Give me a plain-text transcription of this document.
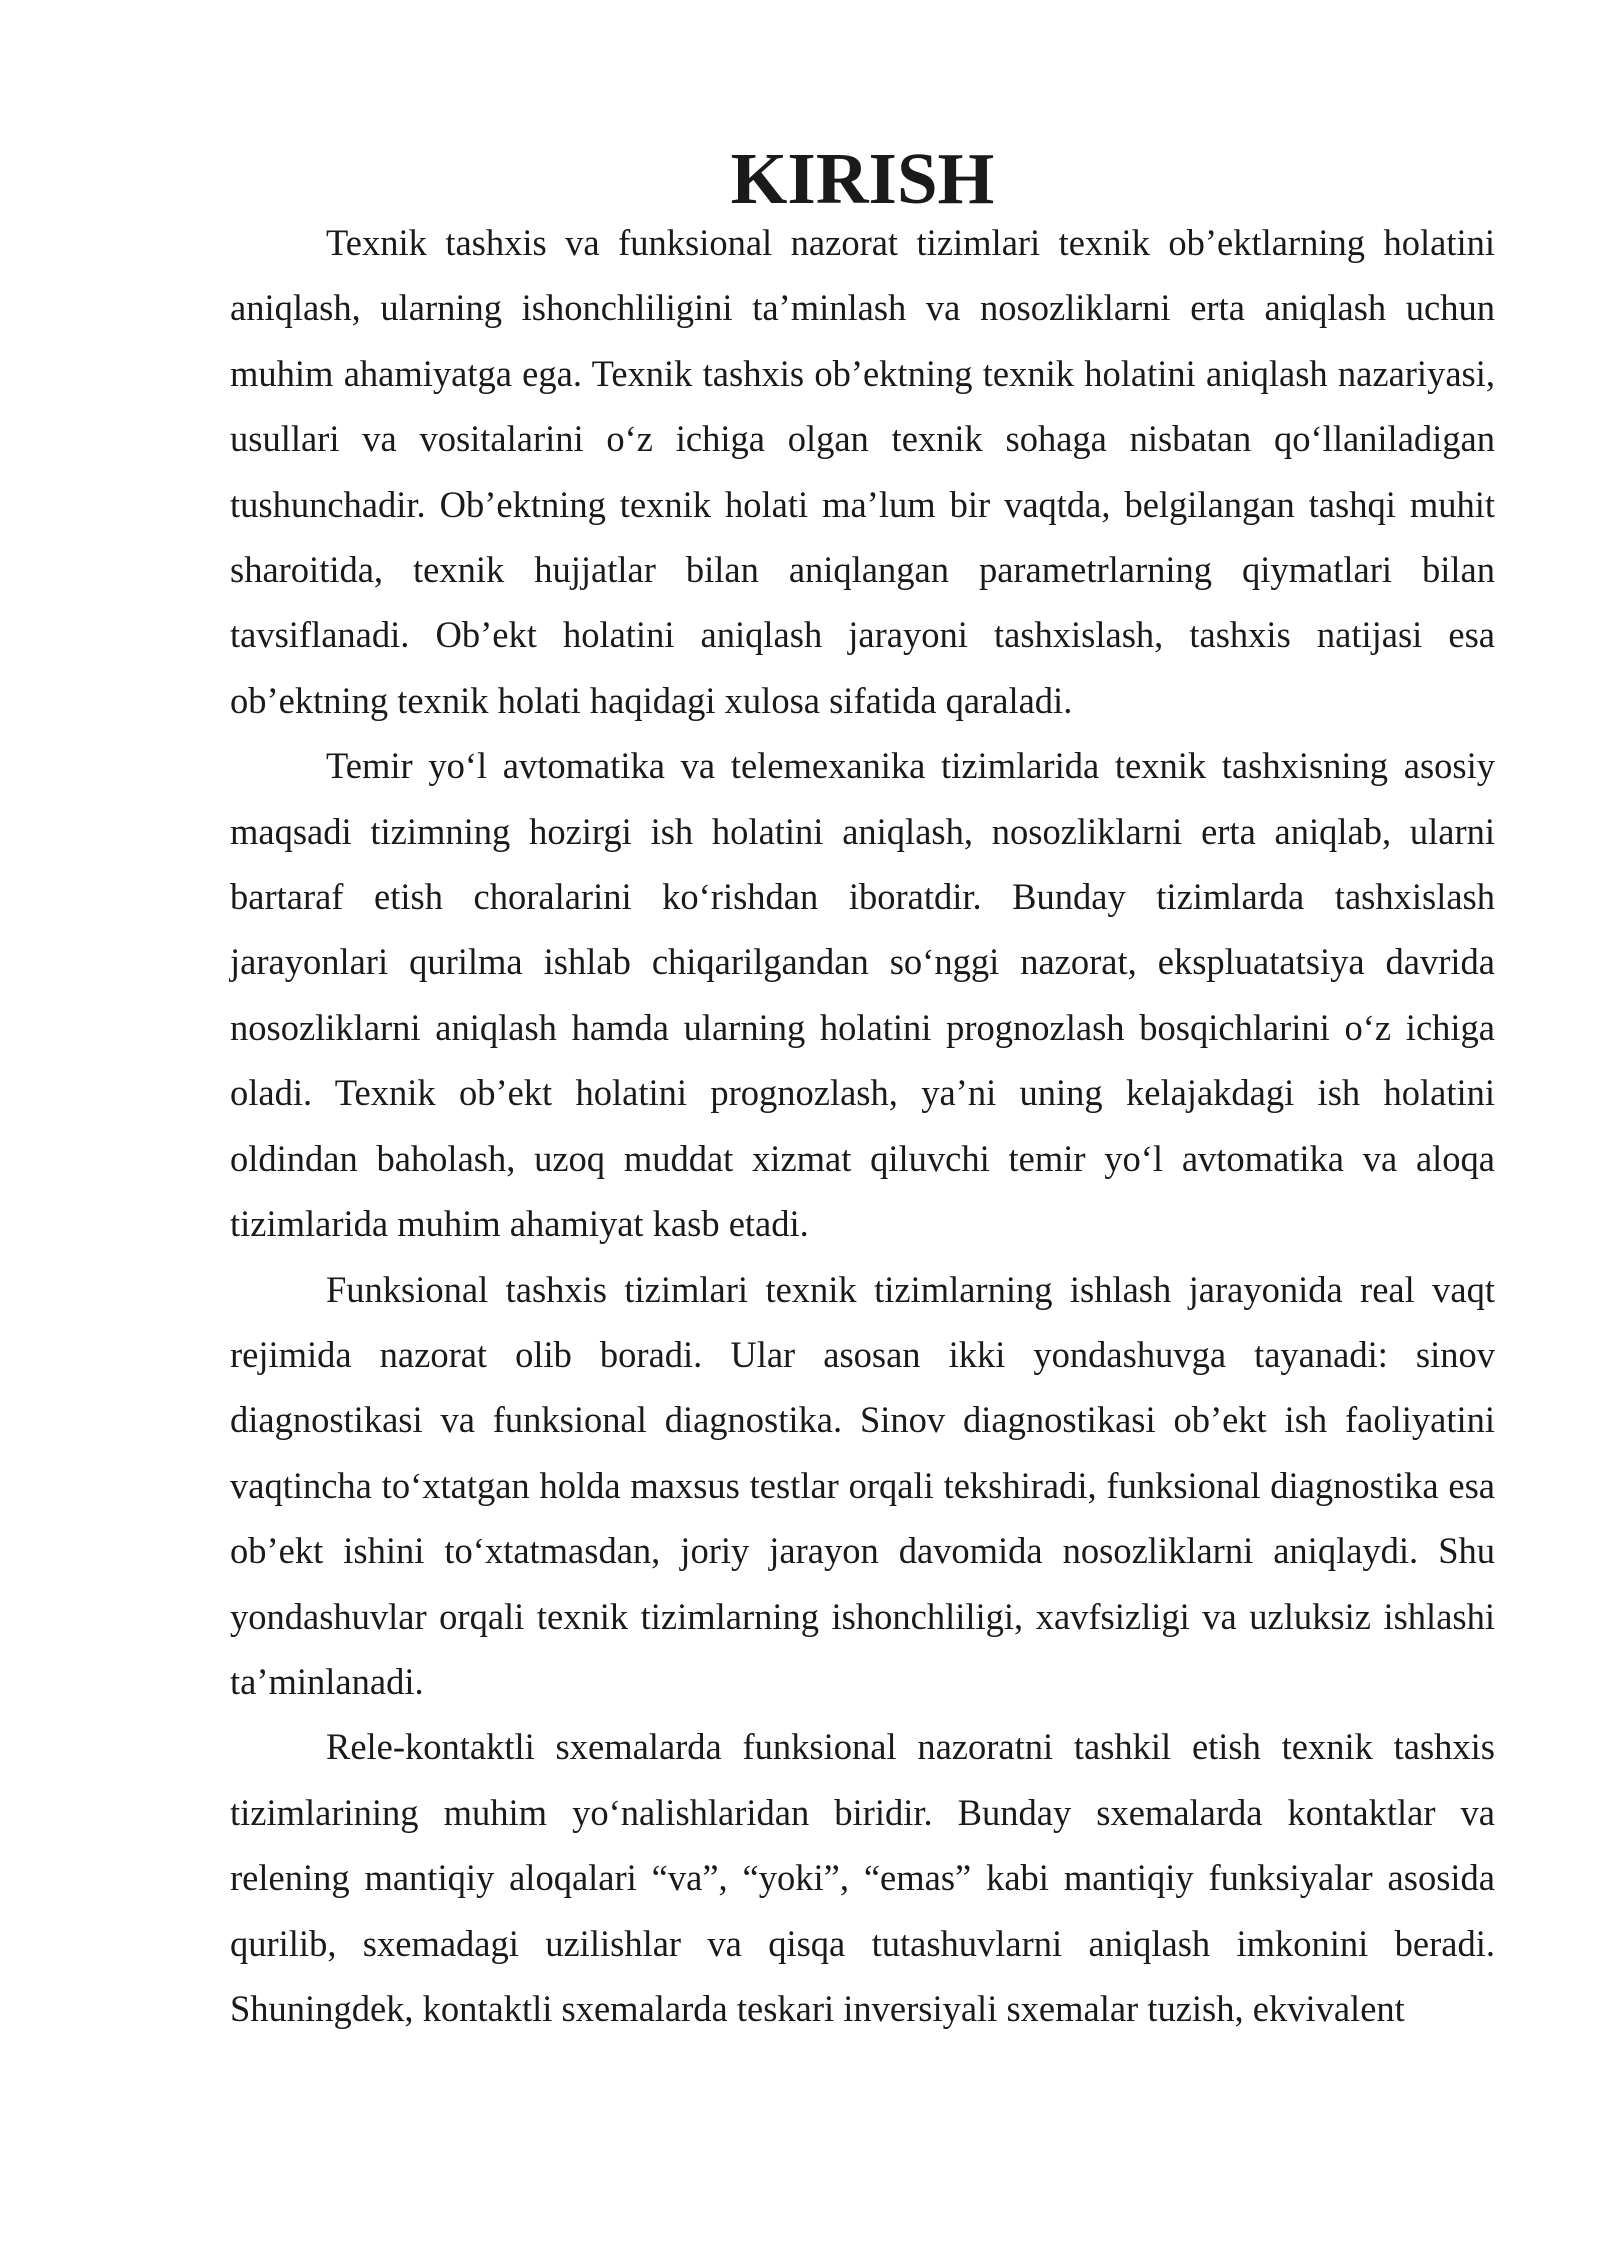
KIRISH

Texnik tashxis va funksional nazorat tizimlari texnik ob’ektlarning holatini aniqlash, ularning ishonchliligini ta’minlash va nosozliklarni erta aniqlash uchun muhim ahamiyatga ega. Texnik tashxis ob’ektning texnik holatini aniqlash nazariyasi, usullari va vositalarini o‘z ichiga olgan texnik sohaga nisbatan qo‘llaniladigan tushunchadir. Ob’ektning texnik holati ma’lum bir vaqtda, belgilangan tashqi muhit sharoitida, texnik hujjatlar bilan aniqlangan parametrlarning qiymatlari bilan tavsiflanadi. Ob’ekt holatini aniqlash jarayoni tashxislash, tashxis natijasi esa ob’ektning texnik holati haqidagi xulosa sifatida qaraladi.

Temir yo‘l avtomatika va telemexanika tizimlarida texnik tashxisning asosiy maqsadi tizimning hozirgi ish holatini aniqlash, nosozliklarni erta aniqlab, ularni bartaraf etish choralarini ko‘rishdan iboratdir. Bunday tizimlarda tashxislash jarayonlari qurilma ishlab chiqarilgandan so‘nggi nazorat, ekspluatatsiya davrida nosozliklarni aniqlash hamda ularning holatini prognozlash bosqichlarini o‘z ichiga oladi. Texnik ob’ekt holatini prognozlash, ya’ni uning kelajakdagi ish holatini oldindan baholash, uzoq muddat xizmat qiluvchi temir yo‘l avtomatika va aloqa tizimlarida muhim ahamiyat kasb etadi.

Funksional tashxis tizimlari texnik tizimlarning ishlash jarayonida real vaqt rejimida nazorat olib boradi. Ular asosan ikki yondashuvga tayanadi: sinov diagnostikasi va funksional diagnostika. Sinov diagnostikasi ob’ekt ish faoliyatini vaqtincha to‘xtatgan holda maxsus testlar orqali tekshiradi, funksional diagnostika esa ob’ekt ishini to‘xtatmasdan, joriy jarayon davomida nosozliklarni aniqlaydi. Shu yondashuvlar orqali texnik tizimlarning ishonchliligi, xavfsizligi va uzluksiz ishlashi ta’minlanadi.

Rele-kontaktli sxemalarda funksional nazoratni tashkil etish texnik tashxis tizimlarining muhim yo‘nalishlaridan biridir. Bunday sxemalarda kontaktlar va relening mantiqiy aloqalari “va”, “yoki”, “emas” kabi mantiqiy funksiyalar asosida qurilib, sxemadagi uzilishlar va qisqa tutashuvlarni aniqlash imkonini beradi. Shuningdek, kontaktli sxemalarda teskari inversiyali sxemalar tuzish, ekvivalent
